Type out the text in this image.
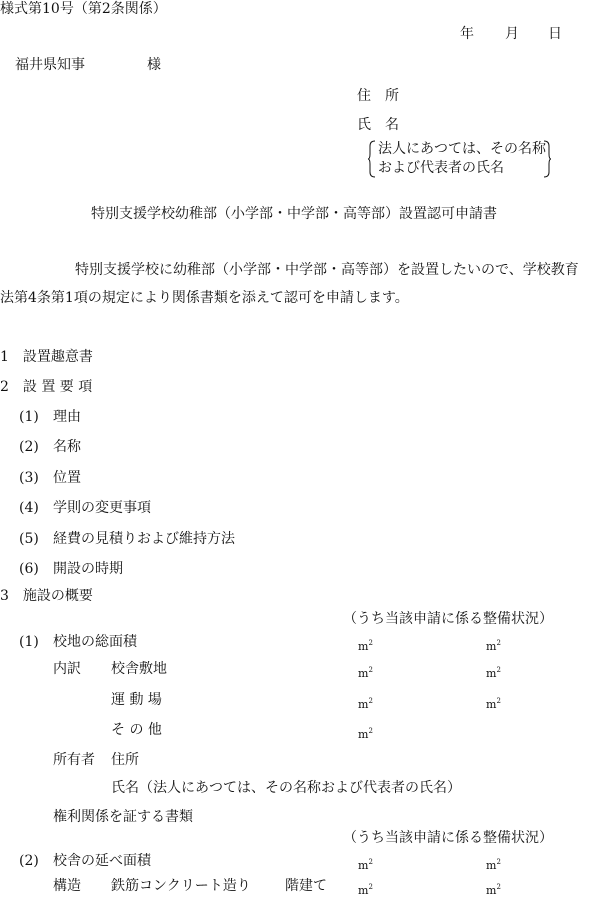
様式第10号（第2条関係）
年 月 日
福井県知事	様
住　所
氏　名
法人にあつては、その名称
および代表者の氏名
特別支援学校幼稚部（小学部・中学部・高等部）設置認可申請書
特別支援学校に幼稚部（小学部・中学部・高等部）を設置したいので、学校教育
法第4条第1項の規定により関係書類を添えて認可を申請します。
1　設置趣意書
2　設 置 要 項
(1) 理由
(2) 名称
(3) 位置
(4) 学則の変更事項
(5) 経費の見積りおよび維持方法
(6) 開設の時期
3　施設の概要
（うち当該申請に係る整備状況）
(1) 校地の総面積	$m^2$	$m^2$
内訳 校舎敷地	$m^2$	$m^2$
運 動 場	$m^2$	$m^2$
そ の 他	$m^2$
所有者 住所
氏名（法人にあつては、その名称および代表者の氏名）
権利関係を証する書類
（うち当該申請に係る整備状況）
(2) 校舎の延べ面積	$m^2$	$m^2$
構造 鉄筋コンクリート造り 階建て	$m^2$	$m^2$
